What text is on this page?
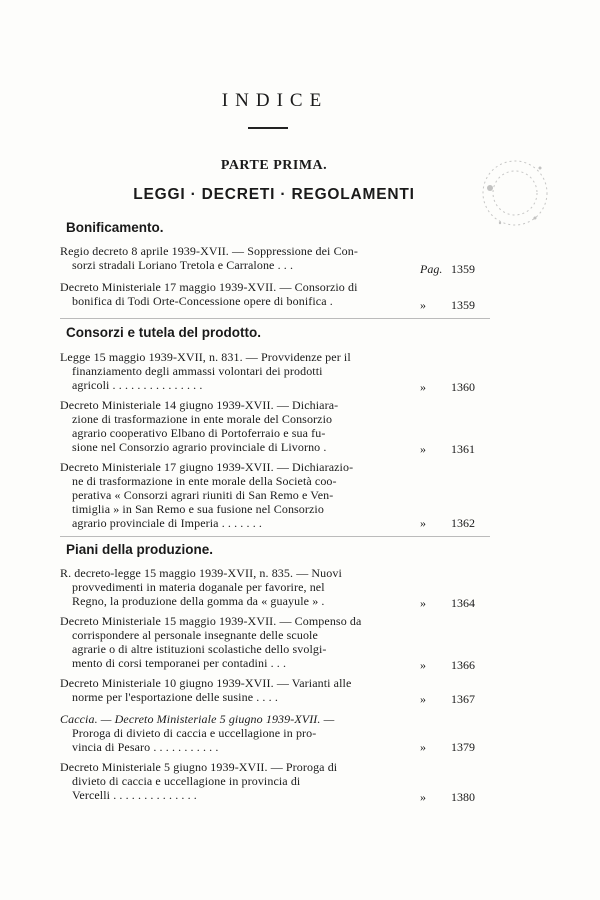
INDICE
PARTE PRIMA.
LEGGI · DECRETI · REGOLAMENTI
Bonificamento.
Regio decreto 8 aprile 1939-XVII. — Soppressione dei Con-
sorzi stradali Loriano Tretola e Carralone . . .	Pag. 1359
Decreto Ministeriale 17 maggio 1939-XVII. — Consorzio di
bonifica di Todi Orte-Concessione opere di bonifica .	» 1359
Consorzi e tutela del prodotto.
Legge 15 maggio 1939-XVII, n. 831. — Provvidenze per il
finanziamento degli ammassi volontari dei prodotti
agricoli . . . . . . . . . . . . . . .	» 1360
Decreto Ministeriale 14 giugno 1939-XVII. — Dichiara-
zione di trasformazione in ente morale del Consorzio
agrario cooperativo Elbano di Portoferraio e sua fu-
sione nel Consorzio agrario provinciale di Livorno .	» 1361
Decreto Ministeriale 17 giugno 1939-XVII. — Dichiarazio-
ne di trasformazione in ente morale della Società coo-
perativa « Consorzi agrari riuniti di San Remo e Ven-
timiglia » in San Remo e sua fusione nel Consorzio
agrario provinciale di Imperia . . . . . . .	» 1362
Piani della produzione.
R. decreto-legge 15 maggio 1939-XVII, n. 835. — Nuovi
provvedimenti in materia doganale per favorire, nel
Regno, la produzione della gomma da « guayule » .	» 1364
Decreto Ministeriale 15 maggio 1939-XVII. — Compenso da
corrispondere al personale insegnante delle scuole
agrarie o di altre istituzioni scolastiche dello svolgi-
mento di corsi temporanei per contadini . . .	» 1366
Decreto Ministeriale 10 giugno 1939-XVII. — Varianti alle
norme per l'esportazione delle susine . . . .	» 1367
Caccia. — Decreto Ministeriale 5 giugno 1939-XVII. —
Proroga di divieto di caccia e uccellagione in pro-
vincia di Pesaro . . . . . . . . . . .	» 1379
Decreto Ministeriale 5 giugno 1939-XVII. — Proroga di
divieto di caccia e uccellagione in provincia di
Vercelli . . . . . . . . . . . . . .	» 1380
